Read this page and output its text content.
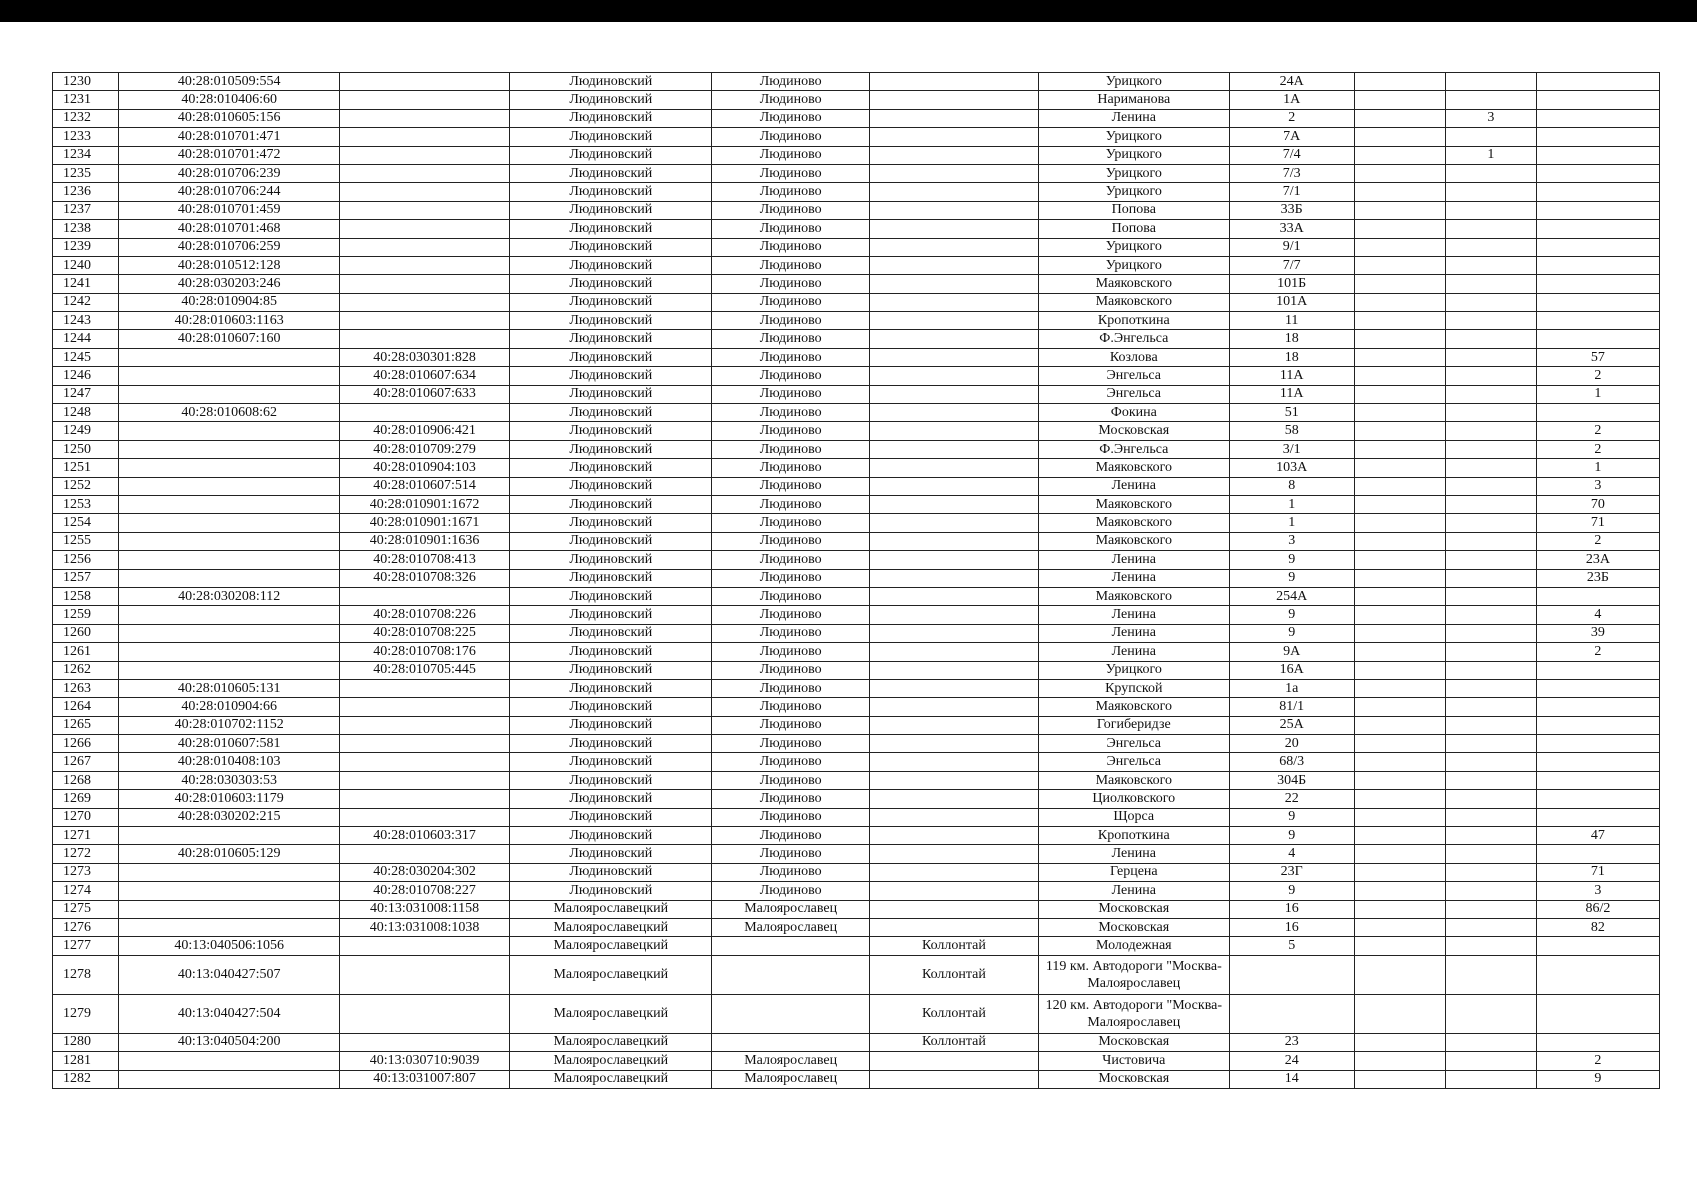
1230	40:28:010509:554		Людиновский	Людиново		Урицкого	24А			
1231	40:28:010406:60		Людиновский	Людиново		Нариманова	1А			
1232	40:28:010605:156		Людиновский	Людиново		Ленина	2		3	
1233	40:28:010701:471		Людиновский	Людиново		Урицкого	7А			
1234	40:28:010701:472		Людиновский	Людиново		Урицкого	7/4		1	
1235	40:28:010706:239		Людиновский	Людиново		Урицкого	7/3			
1236	40:28:010706:244		Людиновский	Людиново		Урицкого	7/1			
1237	40:28:010701:459		Людиновский	Людиново		Попова	33Б			
1238	40:28:010701:468		Людиновский	Людиново		Попова	33А			
1239	40:28:010706:259		Людиновский	Людиново		Урицкого	9/1			
1240	40:28:010512:128		Людиновский	Людиново		Урицкого	7/7			
1241	40:28:030203:246		Людиновский	Людиново		Маяковского	101Б			
1242	40:28:010904:85		Людиновский	Людиново		Маяковского	101А			
1243	40:28:010603:1163		Людиновский	Людиново		Кропоткина	11			
1244	40:28:010607:160		Людиновский	Людиново		Ф.Энгельса	18			
1245		40:28:030301:828	Людиновский	Людиново		Козлова	18			57
1246		40:28:010607:634	Людиновский	Людиново		Энгельса	11А			2
1247		40:28:010607:633	Людиновский	Людиново		Энгельса	11А			1
1248	40:28:010608:62		Людиновский	Людиново		Фокина	51			
1249		40:28:010906:421	Людиновский	Людиново		Московская	58			2
1250		40:28:010709:279	Людиновский	Людиново		Ф.Энгельса	3/1			2
1251		40:28:010904:103	Людиновский	Людиново		Маяковского	103А			1
1252		40:28:010607:514	Людиновский	Людиново		Ленина	8			3
1253		40:28:010901:1672	Людиновский	Людиново		Маяковского	1			70
1254		40:28:010901:1671	Людиновский	Людиново		Маяковского	1			71
1255		40:28:010901:1636	Людиновский	Людиново		Маяковского	3			2
1256		40:28:010708:413	Людиновский	Людиново		Ленина	9			23А
1257		40:28:010708:326	Людиновский	Людиново		Ленина	9			23Б
1258	40:28:030208:112		Людиновский	Людиново		Маяковского	254А			
1259		40:28:010708:226	Людиновский	Людиново		Ленина	9			4
1260		40:28:010708:225	Людиновский	Людиново		Ленина	9			39
1261		40:28:010708:176	Людиновский	Людиново		Ленина	9А			2
1262		40:28:010705:445	Людиновский	Людиново		Урицкого	16А			
1263	40:28:010605:131		Людиновский	Людиново		Крупской	1а			
1264	40:28:010904:66		Людиновский	Людиново		Маяковского	81/1			
1265	40:28:010702:1152		Людиновский	Людиново		Гогиберидзе	25А			
1266	40:28:010607:581		Людиновский	Людиново		Энгельса	20			
1267	40:28:010408:103		Людиновский	Людиново		Энгельса	68/3			
1268	40:28:030303:53		Людиновский	Людиново		Маяковского	304Б			
1269	40:28:010603:1179		Людиновский	Людиново		Циолковского	22			
1270	40:28:030202:215		Людиновский	Людиново		Щорса	9			
1271		40:28:010603:317	Людиновский	Людиново		Кропоткина	9			47
1272	40:28:010605:129		Людиновский	Людиново		Ленина	4			
1273		40:28:030204:302	Людиновский	Людиново		Герцена	23Г			71
1274		40:28:010708:227	Людиновский	Людиново		Ленина	9			3
1275		40:13:031008:1158	Малоярославецкий	Малоярославец		Московская	16			86/2
1276		40:13:031008:1038	Малоярославецкий	Малоярославец		Московская	16			82
1277	40:13:040506:1056		Малоярославецкий		Коллонтай	Молодежная	5			
1278	40:13:040427:507		Малоярославецкий		Коллонтай	119 км. Автодороги "Москва-Малоярославец				
1279	40:13:040427:504		Малоярославецкий		Коллонтай	120 км. Автодороги "Москва-Малоярославец				
1280	40:13:040504:200		Малоярославецкий		Коллонтай	Московская	23			
1281		40:13:030710:9039	Малоярославецкий	Малоярославец		Чистовича	24			2
1282		40:13:031007:807	Малоярославецкий	Малоярославец		Московская	14			9
